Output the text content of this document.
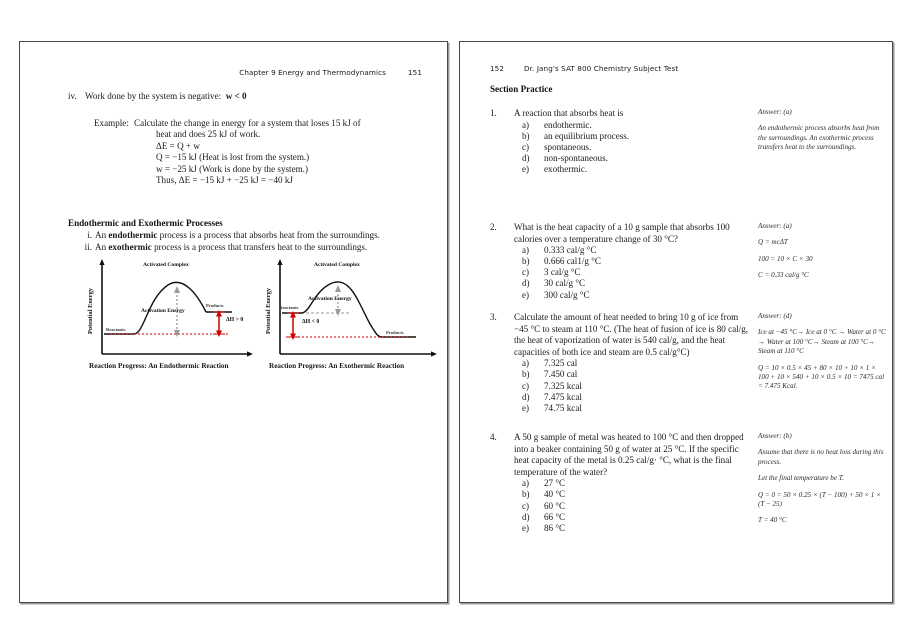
Chapter 9 Energy and Thermodynamics	151
iv. Work done by the system is negative: w < 0
Example: Calculate the change in energy for a system that loses 15 kJ of
heat and does 25 kJ of work.
ΔE = Q + w
Q = −15 kJ (Heat is lost from the system.)
w = −25 kJ (Work is done by the system.)
Thus, ΔE = −15 kJ + −25 kJ = −40 kJ
Endothermic and Exothermic Processes
i. An endothermic process is a process that absorbs heat from the surroundings.
ii. An exothermic process is a process that transfers heat to the surroundings.
Potential Energy
Activated Complex
Activation Energy
Reactants
Products
ΔH > 0
Reaction Progress: An Endothermic Reaction
Potential Energy
Activated Complex
Activation Energy
Reactants
Products
ΔH < 0
Reaction Progress: An Exothermic Reaction
152	Dr. Jang's SAT 800 Chemistry Subject Test
Section Practice
1.	A reaction that absorbs heat is
a) endothermic.
b) an equilibrium process.
c) spontaneous.
d) non-spontaneous.
e) exothermic.

Answer: (a)

An endothermic process absorbs heat from the surroundings. An exothermic process transfers heat to the surroundings.

2.	What is the heat capacity of a 10 g sample that absorbs 100 calories over a temperature change of 30 °C?
a) 0.333 cal/g °C
b) 0.666 cal1/g °C
c) 3 cal/g °C
d) 30 cal/g °C
e) 300 cal/g °C

Answer: (a)

Q = mcΔT

100 = 10 × C × 30

C = 0.33 cal/g °C

3.	Calculate the amount of heat needed to bring 10 g of ice from −45 °C to steam at 110 °C. (The heat of fusion of ice is 80 cal/g, the heat of vaporization of water is 540 cal/g, and the heat capacities of both ice and steam are 0.5 cal/g°C)
a) 7.325 cal
b) 7.450 cal
c) 7.325 kcal
d) 7.475 kcal
e) 74.75 kcal

Answer: (d)

Ice at −45 °C→ Ice at 0 °C → Water at 0 °C → Water at 100 °C→ Steam at 100 °C→ Steam at 110 °C

Q = 10 × 0.5 × 45 + 80 × 10 + 10 × 1 × 100 + 10 × 540 + 10 × 0.5 × 10 = 7475 cal = 7.475 Kcal.

4.	A 50 g sample of metal was heated to 100 °C and then dropped into a beaker containing 50 g of water at 25 °C. If the specific heat capacity of the metal is 0.25 cal/g· °C, what is the final temperature of the water?
a) 27 °C
b) 40 °C
c) 60 °C
d) 66 °C
e) 86 °C

Answer: (b)

Assume that there is no heat loss during this process.

Let the final temperature be T.

Q = 0 = 50 × 0.25 × (T − 100) + 50 × 1 × (T − 25)

T = 40 °C
